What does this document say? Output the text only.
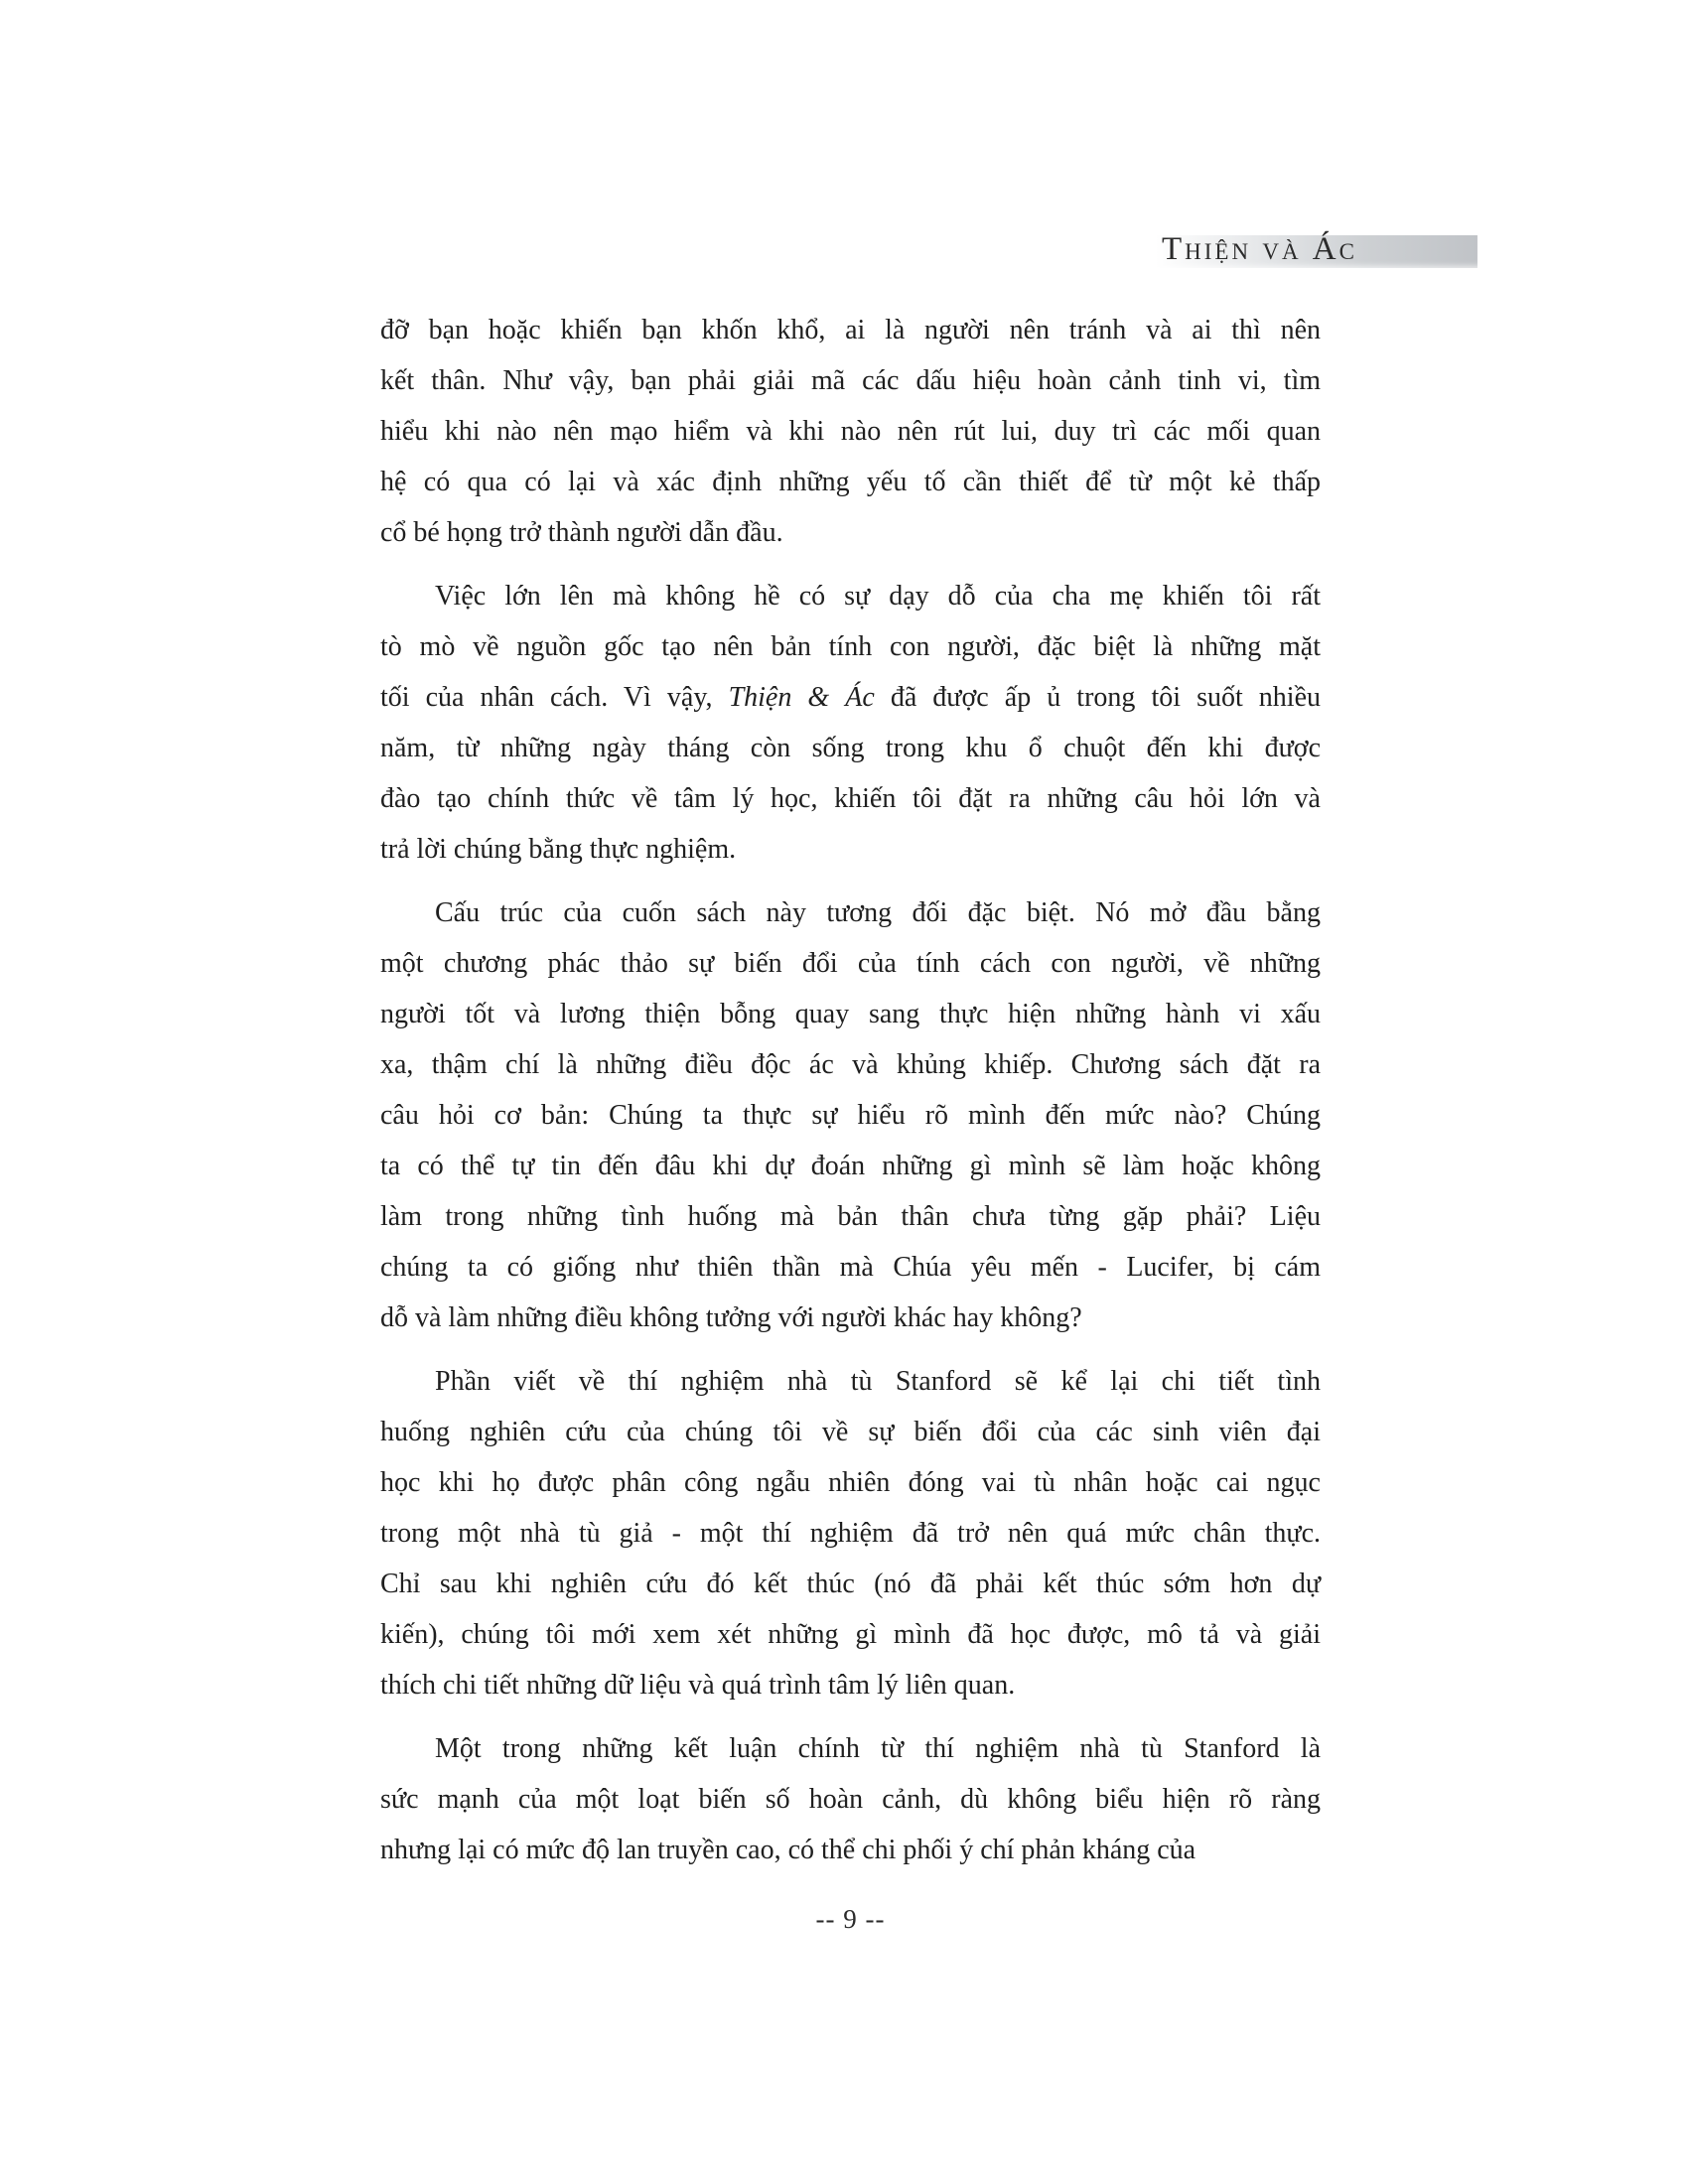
Thiện và Ác
đỡ bạn hoặc khiến bạn khốn khổ, ai là người nên tránh và ai thì nên
kết thân. Như vậy, bạn phải giải mã các dấu hiệu hoàn cảnh tinh vi, tìm
hiểu khi nào nên mạo hiểm và khi nào nên rút lui, duy trì các mối quan
hệ có qua có lại và xác định những yếu tố cần thiết để từ một kẻ thấp
cổ bé họng trở thành người dẫn đầu.
Việc lớn lên mà không hề có sự dạy dỗ của cha mẹ khiến tôi rất
tò mò về nguồn gốc tạo nên bản tính con người, đặc biệt là những mặt
tối của nhân cách. Vì vậy, Thiện & Ác đã được ấp ủ trong tôi suốt nhiều
năm, từ những ngày tháng còn sống trong khu ổ chuột đến khi được
đào tạo chính thức về tâm lý học, khiến tôi đặt ra những câu hỏi lớn và
trả lời chúng bằng thực nghiệm.
Cấu trúc của cuốn sách này tương đối đặc biệt. Nó mở đầu bằng
một chương phác thảo sự biến đổi của tính cách con người, về những
người tốt và lương thiện bỗng quay sang thực hiện những hành vi xấu
xa, thậm chí là những điều độc ác và khủng khiếp. Chương sách đặt ra
câu hỏi cơ bản: Chúng ta thực sự hiểu rõ mình đến mức nào? Chúng
ta có thể tự tin đến đâu khi dự đoán những gì mình sẽ làm hoặc không
làm trong những tình huống mà bản thân chưa từng gặp phải? Liệu
chúng ta có giống như thiên thần mà Chúa yêu mến - Lucifer, bị cám
dỗ và làm những điều không tưởng với người khác hay không?
Phần viết về thí nghiệm nhà tù Stanford sẽ kể lại chi tiết tình
huống nghiên cứu của chúng tôi về sự biến đổi của các sinh viên đại
học khi họ được phân công ngẫu nhiên đóng vai tù nhân hoặc cai ngục
trong một nhà tù giả - một thí nghiệm đã trở nên quá mức chân thực.
Chỉ sau khi nghiên cứu đó kết thúc (nó đã phải kết thúc sớm hơn dự
kiến), chúng tôi mới xem xét những gì mình đã học được, mô tả và giải
thích chi tiết những dữ liệu và quá trình tâm lý liên quan.
Một trong những kết luận chính từ thí nghiệm nhà tù Stanford là
sức mạnh của một loạt biến số hoàn cảnh, dù không biểu hiện rõ ràng
nhưng lại có mức độ lan truyền cao, có thể chi phối ý chí phản kháng của
-- 9 --
